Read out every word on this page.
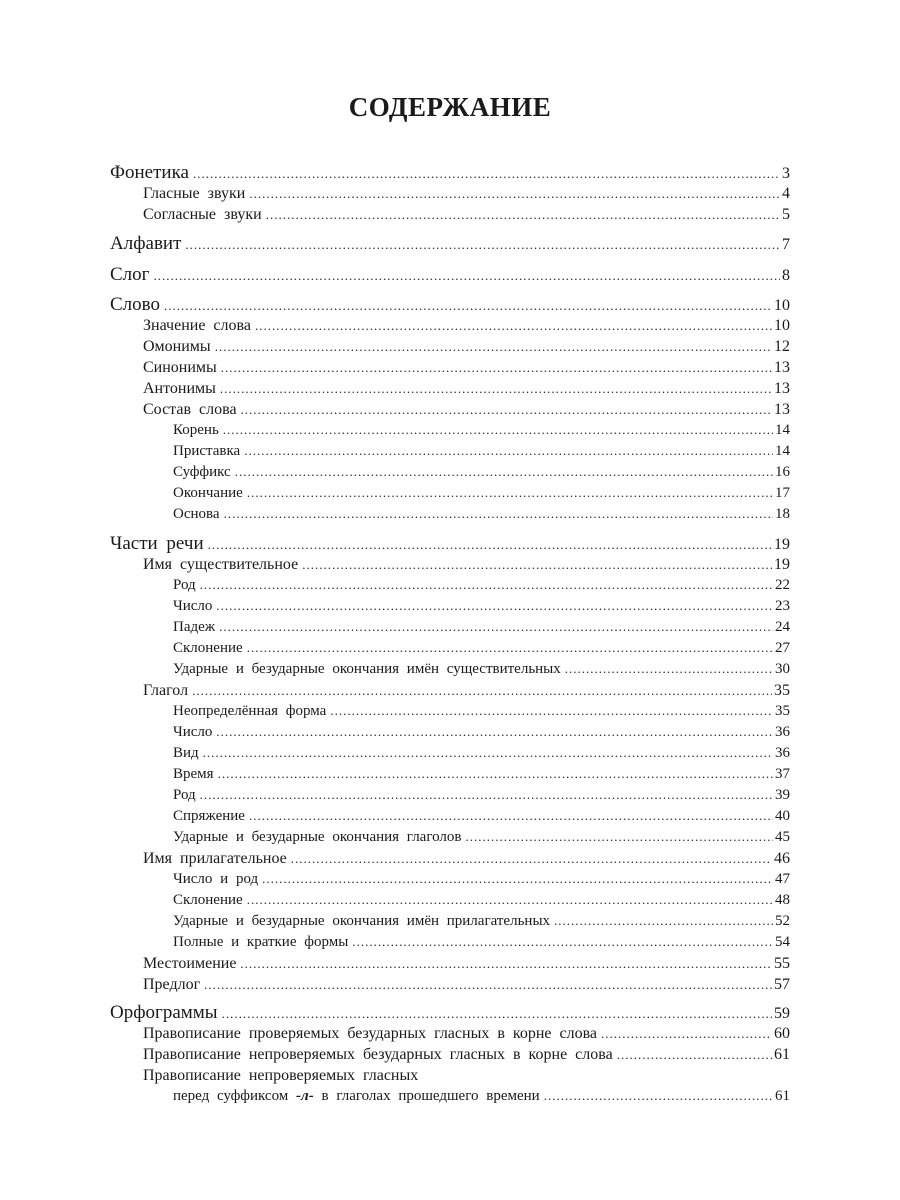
СОДЕРЖАНИЕ
Фонетика .....	3
Гласные звуки .....	4
Согласные звуки .....	5
Алфавит .....	7
Слог .....	8
Слово .....	10
Значение слова .....	10
Омонимы .....	12
Синонимы .....	13
Антонимы .....	13
Состав слова .....	13
Корень .....	14
Приставка .....	14
Суффикс .....	16
Окончание .....	17
Основа .....	18
Части речи .....	19
Имя существительное .....	19
Род .....	22
Число .....	23
Падеж .....	24
Склонение .....	27
Ударные и безударные окончания имён существительных .....	30
Глагол .....	35
Неопределённая форма .....	35
Число .....	36
Вид .....	36
Время .....	37
Род .....	39
Спряжение .....	40
Ударные и безударные окончания глаголов .....	45
Имя прилагательное .....	46
Число и род .....	47
Склонение .....	48
Ударные и безударные окончания имён прилагательных .....	52
Полные и краткие формы .....	54
Местоимение .....	55
Предлог .....	57
Орфограммы .....	59
Правописание проверяемых безударных гласных в корне слова .....	60
Правописание непроверяемых безударных гласных в корне слова .....	61
Правописание непроверяемых гласных
перед суффиксом -л- в глаголах прошедшего времени .....	61
